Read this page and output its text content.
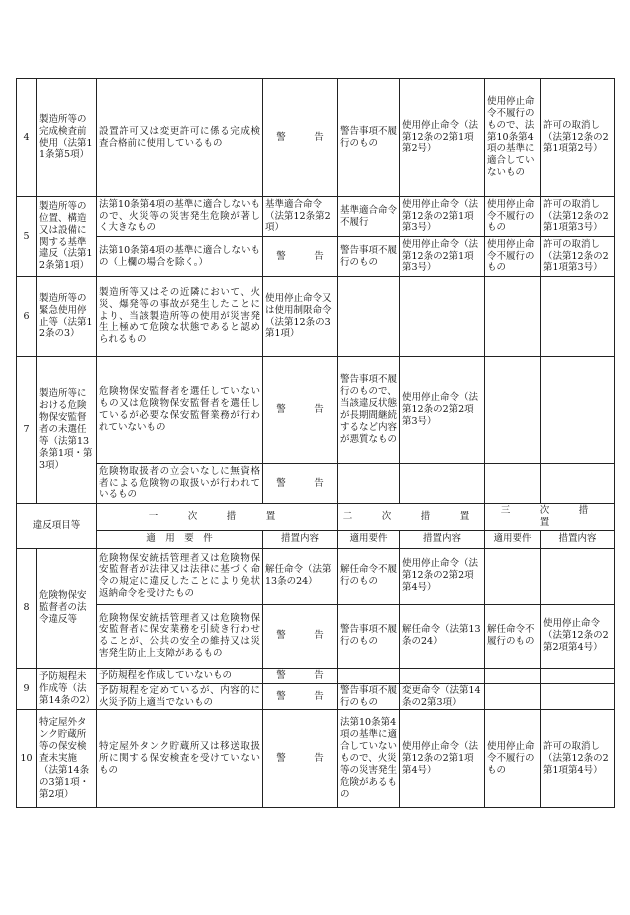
4	製造所等の完成検査前使用（法第11条第5項）	設置許可又は変更許可に係る完成検査合格前に使用しているもの	警　　　告	警告事項不履行のもの	使用停止命令（法第12条の2第1項第2号）	使用停止命令不履行のもので、法第10条第4項の基準に適合していないもの	許可の取消し（法第12条の2第1項第2号）
5	製造所等の位置、構造又は設備に関する基準違反（法第12条第1項）	法第10条第4項の基準に適合しないもので、火災等の災害発生危険が著しく大きなもの	基準適合命令（法第12条第2項）	基準適合命令不履行	使用停止命令（法第12条の2第1項第3号）	使用停止命令不履行のもの	許可の取消し（法第12条の2第1項第3号）
		法第10条第4項の基準に適合しないもの（上欄の場合を除く。）	警　　　告	警告事項不履行のもの	使用停止命令（法第12条の2第1項第3号）	使用停止命令不履行のもの	許可の取消し（法第12条の2第1項第3号）
6	製造所等の緊急使用停止等（法第12条の3）	製造所等又はその近隣において、火災、爆発等の事故が発生したことにより、当該製造所等の使用が災害発生上極めて危険な状態であると認められるもの	使用停止命令又は使用制限命令（法第12条の3第1項）				
7	製造所等における危険物保安監督者の未選任等（法第13条第1項・第3項）	危険物保安監督者を選任していないもの又は危険物保安監督者を選任しているが必要な保安監督業務が行われていないもの	警　　　告	警告事項不履行のもので、当該違反状態が長期間継続するなど内容が悪質なもの	使用停止命令（法第12条の2第2項第3号）		
		危険物取扱者の立会いなしに無資格者による危険物の取扱いが行われているもの	警　　　告				
違反項目等		一　次　措　置		二　次　措　置		三　次　措　置	
		適　用　要　件	措置内容	適用要件	措置内容	適用要件	措置内容
8	危険物保安監督者の法令違反等	危険物保安統括管理者又は危険物保安監督者が法律又は法律に基づく命令の規定に違反したことにより免状返納命令を受けたもの	解任命令（法第13条の24）	解任命令不履行のもの	使用停止命令（法第12条の2第2項第4号）		
		危険物保安統括管理者又は危険物保安監督者に保安業務を引続き行わせることが、公共の安全の維持又は災害発生防止上支障があるもの	警　　　告	警告事項不履行のもの	解任命令（法第13条の24）	解任命令不履行のもの	使用停止命令（法第12条の2第2項第4号）
9	予防規程未作成等（法第14条の2）	予防規程を作成していないもの	警　　　告				
		予防規程を定めているが、内容的に火災予防上適当でないもの	警　　　告	警告事項不履行のもの	変更命令（法第14条の2第3項）		
10	特定屋外タンク貯蔵所等の保安検査未実施（法第14条の3第1項・第2項）	特定屋外タンク貯蔵所又は移送取扱所に関する保安検査を受けていないもの	警　　　告	法第10条第4項の基準に適合していないもので、火災等の災害発生危険があるもの	使用停止命令（法第12条の2第1項第4号）	使用停止命令不履行のもの	許可の取消し（法第12条の2第1項第4号）
